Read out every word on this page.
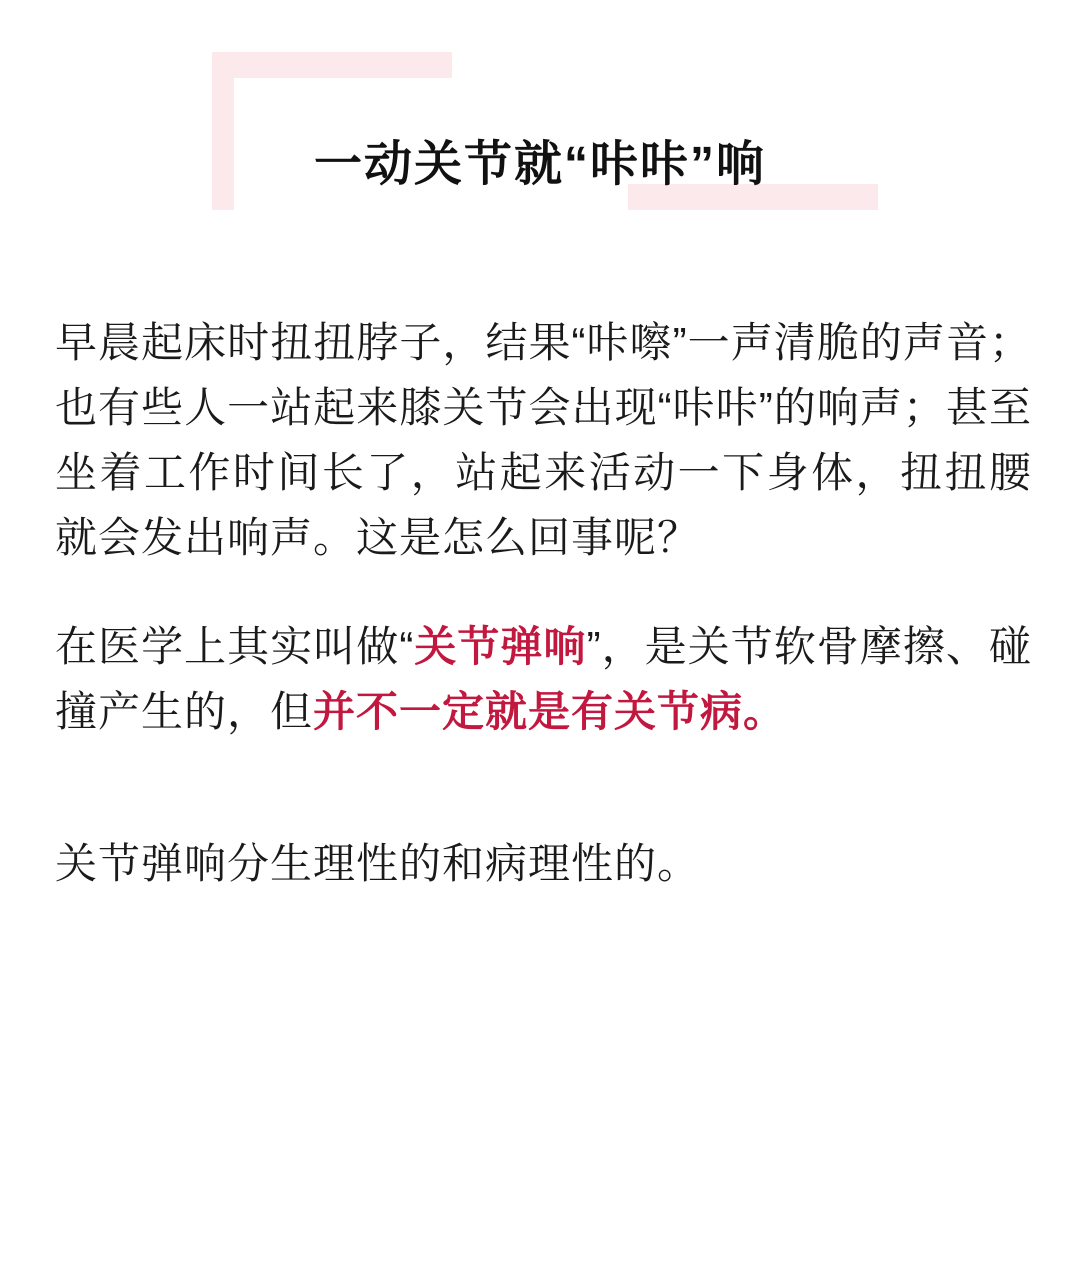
一动关节就“咔咔”响

早晨起床时扭扭脖子，结果“咔嚓”一声清脆的声音；也有些人一站起来膝关节会出现“咔咔”的响声；甚至坐着工作时间长了，站起来活动一下身体，扭扭腰就会发出响声。这是怎么回事呢？

在医学上其实叫做“关节弹响”，是关节软骨摩擦、碰撞产生的，但并不一定就是有关节病。

关节弹响分生理性的和病理性的。
